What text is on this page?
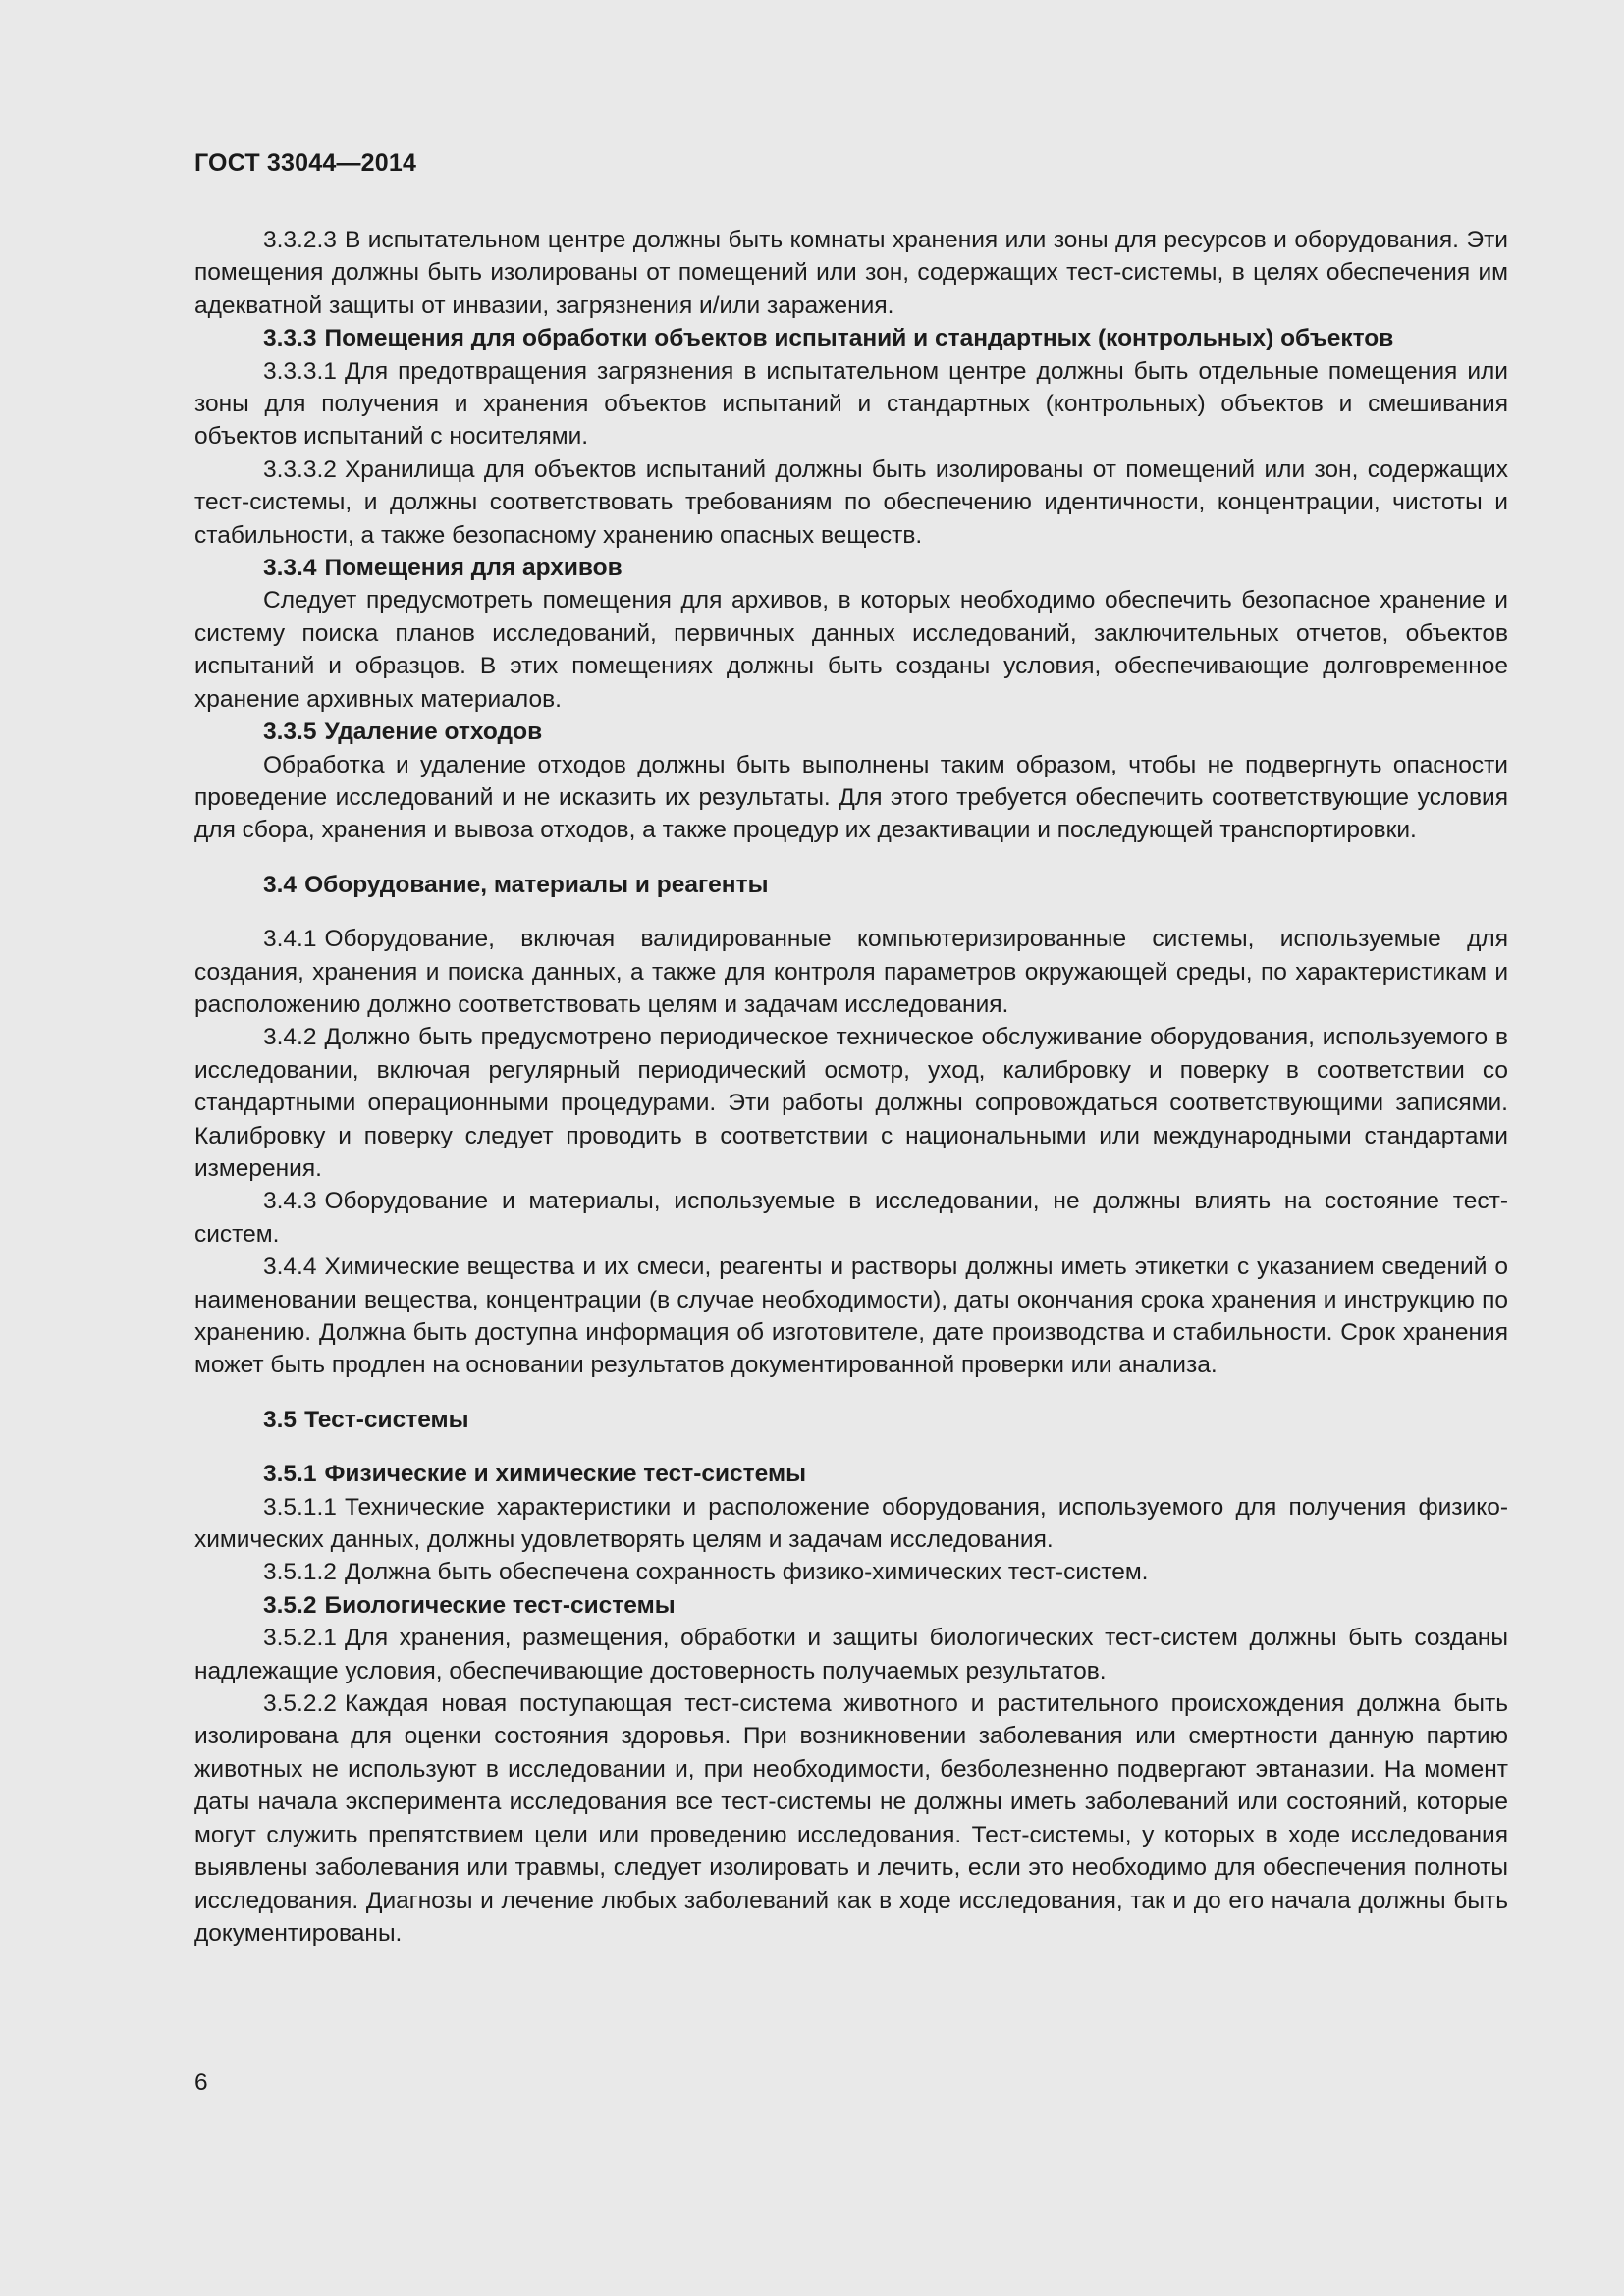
ГОСТ 33044—2014

3.3.2.3 В испытательном центре должны быть комнаты хранения или зоны для ресурсов и оборудования. Эти помещения должны быть изолированы от помещений или зон, содержащих тест-системы, в целях обеспечения им адекватной защиты от инвазии, загрязнения и/или заражения.

3.3.3 Помещения для обработки объектов испытаний и стандартных (контрольных) объектов

3.3.3.1 Для предотвращения загрязнения в испытательном центре должны быть отдельные помещения или зоны для получения и хранения объектов испытаний и стандартных (контрольных) объектов и смешивания объектов испытаний с носителями.

3.3.3.2 Хранилища для объектов испытаний должны быть изолированы от помещений или зон, содержащих тест-системы, и должны соответствовать требованиям по обеспечению идентичности, концентрации, чистоты и стабильности, а также безопасному хранению опасных веществ.

3.3.4 Помещения для архивов

Следует предусмотреть помещения для архивов, в которых необходимо обеспечить безопасное хранение и систему поиска планов исследований, первичных данных исследований, заключительных отчетов, объектов испытаний и образцов. В этих помещениях должны быть созданы условия, обеспечивающие долговременное хранение архивных материалов.

3.3.5 Удаление отходов

Обработка и удаление отходов должны быть выполнены таким образом, чтобы не подвергнуть опасности проведение исследований и не исказить их результаты. Для этого требуется обеспечить соответствующие условия для сбора, хранения и вывоза отходов, а также процедур их дезактивации и последующей транспортировки.

3.4 Оборудование, материалы и реагенты

3.4.1 Оборудование, включая валидированные компьютеризированные системы, используемые для создания, хранения и поиска данных, а также для контроля параметров окружающей среды, по характеристикам и расположению должно соответствовать целям и задачам исследования.

3.4.2 Должно быть предусмотрено периодическое техническое обслуживание оборудования, используемого в исследовании, включая регулярный периодический осмотр, уход, калибровку и поверку в соответствии со стандартными операционными процедурами. Эти работы должны сопровождаться соответствующими записями. Калибровку и поверку следует проводить в соответствии с национальными или международными стандартами измерения.

3.4.3 Оборудование и материалы, используемые в исследовании, не должны влиять на состояние тест-систем.

3.4.4 Химические вещества и их смеси, реагенты и растворы должны иметь этикетки с указанием сведений о наименовании вещества, концентрации (в случае необходимости), даты окончания срока хранения и инструкцию по хранению. Должна быть доступна информация об изготовителе, дате производства и стабильности. Срок хранения может быть продлен на основании результатов документированной проверки или анализа.

3.5 Тест-системы

3.5.1 Физические и химические тест-системы

3.5.1.1 Технические характеристики и расположение оборудования, используемого для получения физико-химических данных, должны удовлетворять целям и задачам исследования.

3.5.1.2 Должна быть обеспечена сохранность физико-химических тест-систем.

3.5.2 Биологические тест-системы

3.5.2.1 Для хранения, размещения, обработки и защиты биологических тест-систем должны быть созданы надлежащие условия, обеспечивающие достоверность получаемых результатов.

3.5.2.2 Каждая новая поступающая тест-система животного и растительного происхождения должна быть изолирована для оценки состояния здоровья. При возникновении заболевания или смертности данную партию животных не используют в исследовании и, при необходимости, безболезненно подвергают эвтаназии. На момент даты начала эксперимента исследования все тест-системы не должны иметь заболеваний или состояний, которые могут служить препятствием цели или проведению исследования. Тест-системы, у которых в ходе исследования выявлены заболевания или травмы, следует изолировать и лечить, если это необходимо для обеспечения полноты исследования. Диагнозы и лечение любых заболеваний как в ходе исследования, так и до его начала должны быть документированы.

6
